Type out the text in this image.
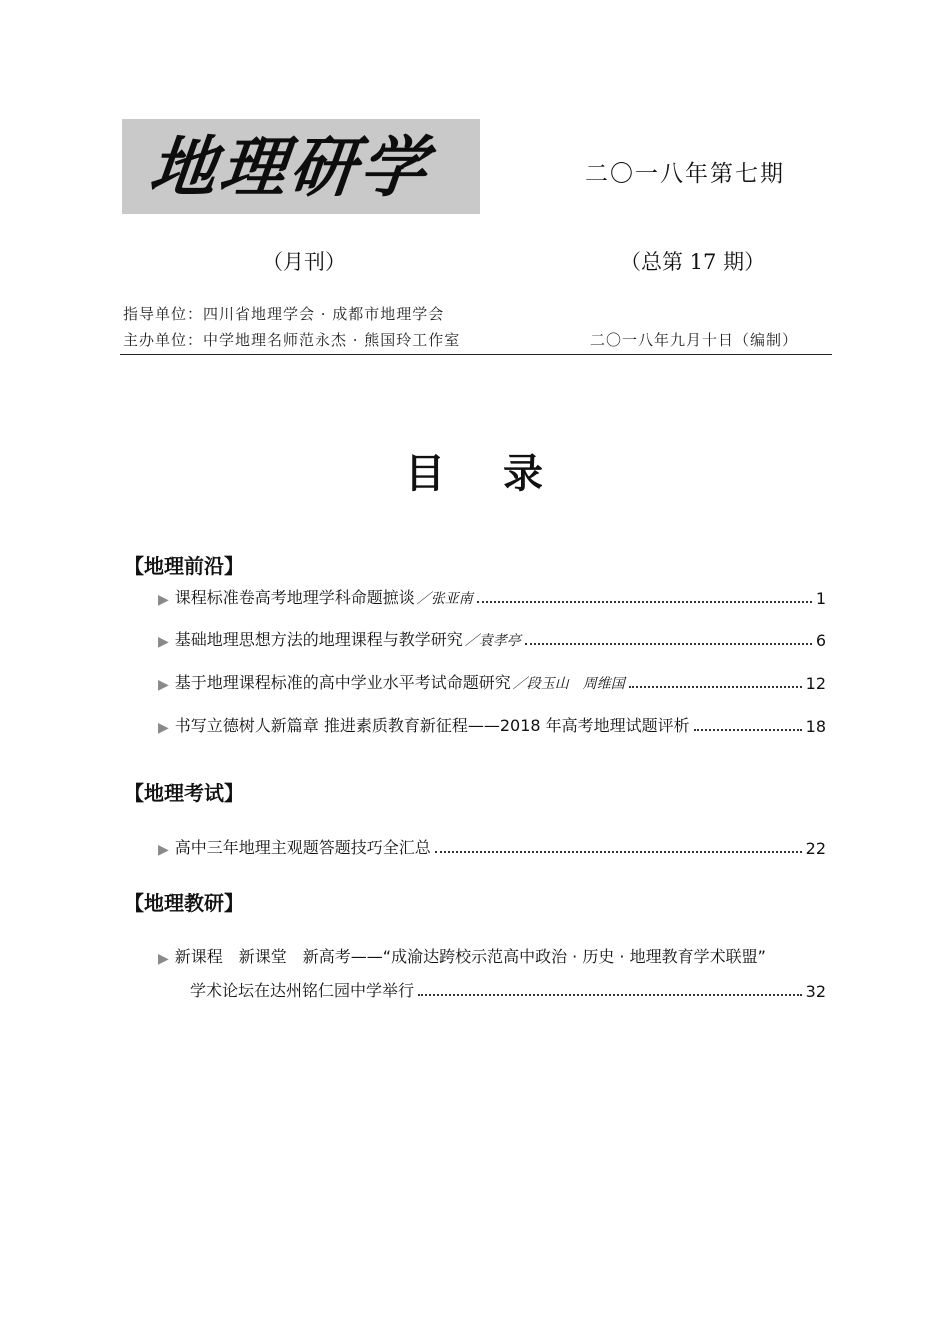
地理研学	二〇一八年第七期
（月刊）	（总第 17 期）
指导单位：四川省地理学会 · 成都市地理学会
主办单位：中学地理名师范永杰 · 熊国玲工作室	二〇一八年九月十日（编制）
目录
【地理前沿】
▶ 课程标准卷高考地理学科命题摭谈 ／张亚南	1
▶ 基础地理思想方法的地理课程与教学研究 ／袁孝亭	6
▶ 基于地理课程标准的高中学业水平考试命题研究 ／段玉山　周维国	12
▶ 书写立德树人新篇章 推进素质教育新征程——2018 年高考地理试题评析	18
【地理考试】
▶ 高中三年地理主观题答题技巧全汇总	22
【地理教研】
▶ 新课程　新课堂　新高考——“成渝达跨校示范高中政治 · 历史 · 地理教育学术联盟”
学术论坛在达州铭仁园中学举行	32
